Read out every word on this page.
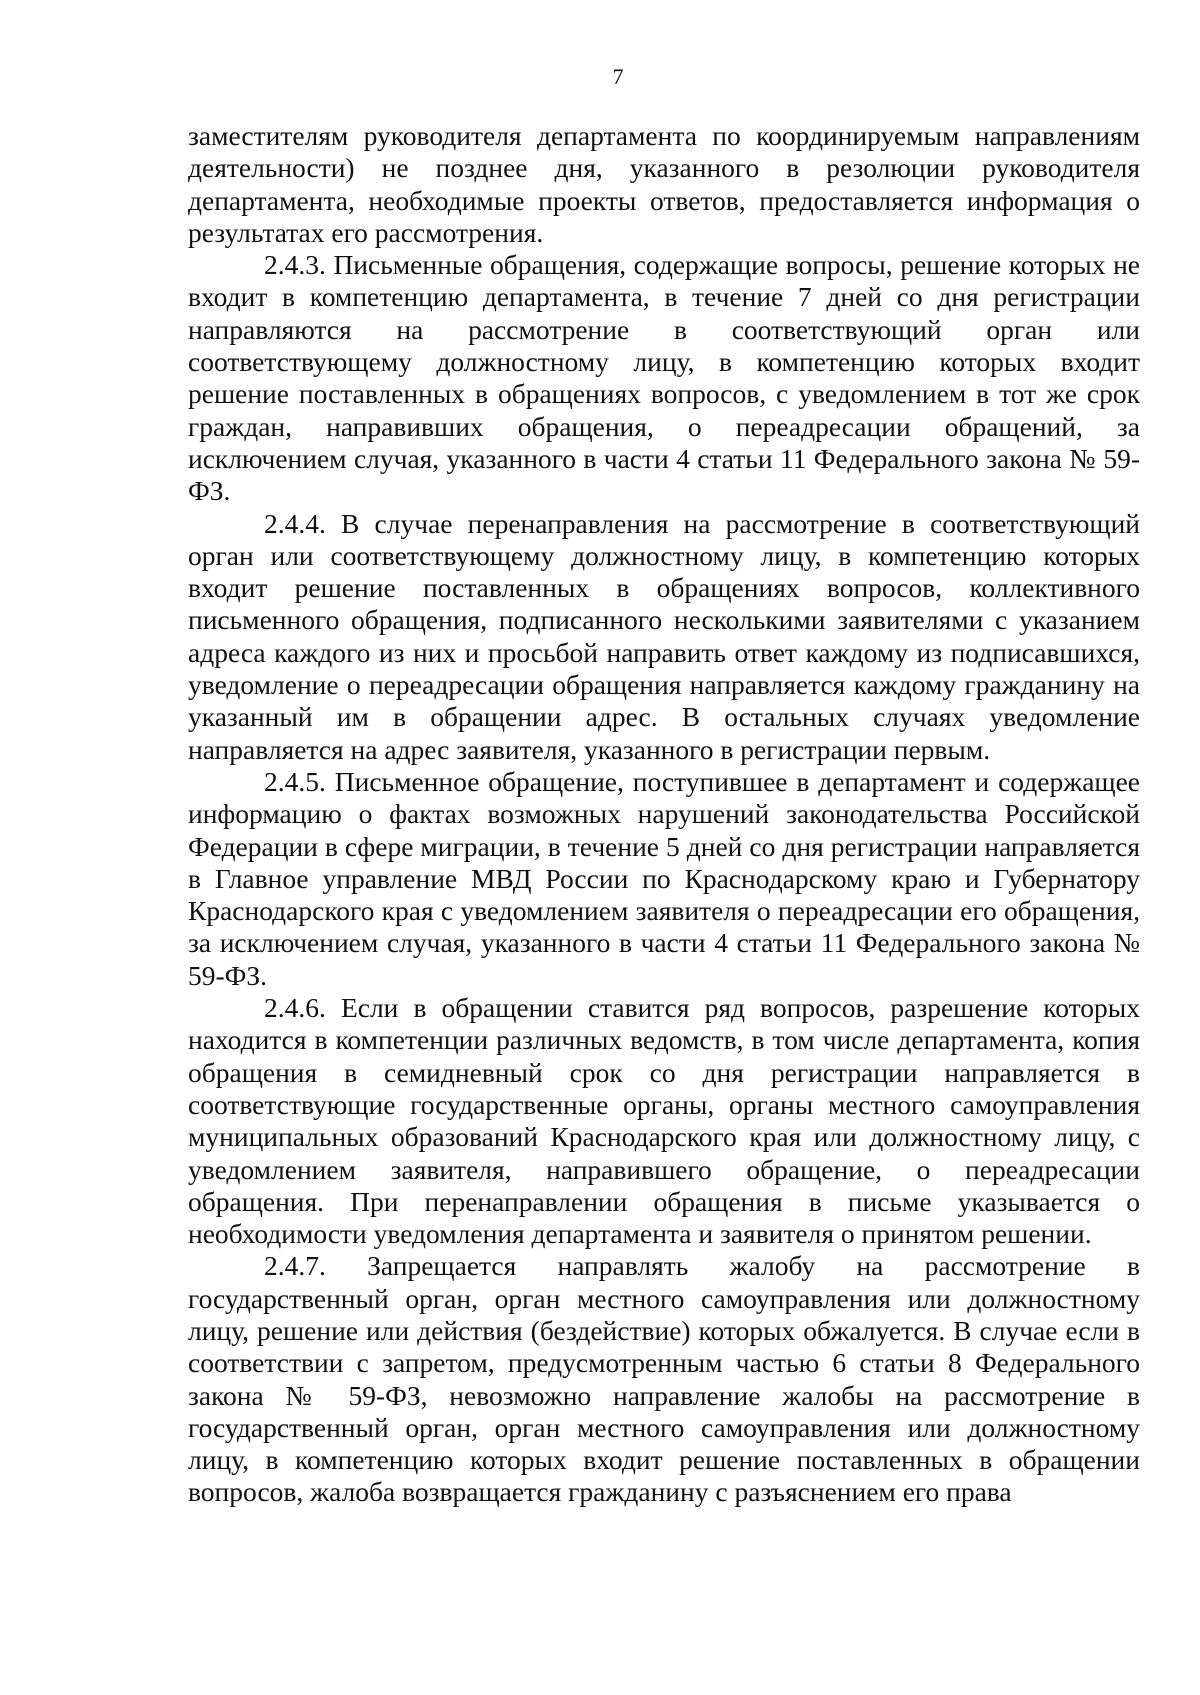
7

заместителям руководителя департамента по координируемым направлениям деятельности) не позднее дня, указанного в резолюции руководителя департамента, необходимые проекты ответов, предоставляется информация о результатах его рассмотрения.

2.4.3. Письменные обращения, содержащие вопросы, решение которых не входит в компетенцию департамента, в течение 7 дней со дня регистрации направляются на рассмотрение в соответствующий орган или соответствующему должностному лицу, в компетенцию которых входит решение поставленных в обращениях вопросов, с уведомлением в тот же срок граждан, направивших обращения, о переадресации обращений, за исключением случая, указанного в части 4 статьи 11 Федерального закона № 59-ФЗ.

2.4.4. В случае перенаправления на рассмотрение в соответствующий орган или соответствующему должностному лицу, в компетенцию которых входит решение поставленных в обращениях вопросов, коллективного письменного обращения, подписанного несколькими заявителями с указанием адреса каждого из них и просьбой направить ответ каждому из подписавшихся, уведомление о переадресации обращения направляется каждому гражданину на указанный им в обращении адрес. В остальных случаях уведомление направляется на адрес заявителя, указанного в регистрации первым.

2.4.5. Письменное обращение, поступившее в департамент и содержащее информацию о фактах возможных нарушений законодательства Российской Федерации в сфере миграции, в течение 5 дней со дня регистрации направляется в Главное управление МВД России по Краснодарскому краю и Губернатору Краснодарского края с уведомлением заявителя о переадресации его обращения, за исключением случая, указанного в части 4 статьи 11 Федерального закона № 59-ФЗ.

2.4.6. Если в обращении ставится ряд вопросов, разрешение которых находится в компетенции различных ведомств, в том числе департамента, копия обращения в семидневный срок со дня регистрации направляется в соответствующие государственные органы, органы местного самоуправления муниципальных образований Краснодарского края или должностному лицу, с уведомлением заявителя, направившего обращение, о переадресации обращения. При перенаправлении обращения в письме указывается о необходимости уведомления департамента и заявителя о принятом решении.

2.4.7. Запрещается направлять жалобу на рассмотрение в государственный орган, орган местного самоуправления или должностному лицу, решение или действия (бездействие) которых обжалуется. В случае если в соответствии с запретом, предусмотренным частью 6 статьи 8 Федерального закона № 59-ФЗ, невозможно направление жалобы на рассмотрение в государственный орган, орган местного самоуправления или должностному лицу, в компетенцию которых входит решение поставленных в обращении вопросов, жалоба возвращается гражданину с разъяснением его права
